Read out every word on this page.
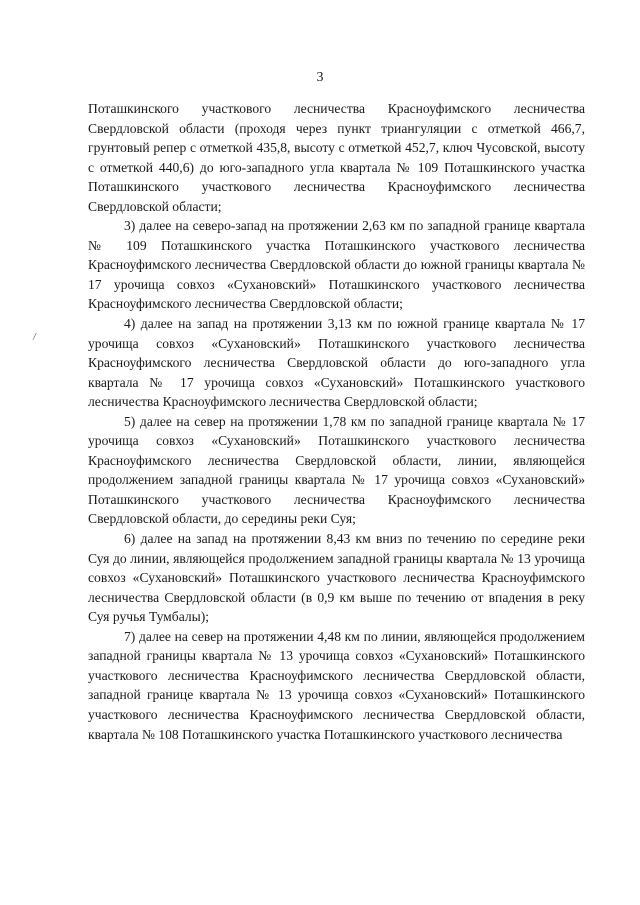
3
/

Поташкинского участкового лесничества Красноуфимского лесничества Свердловской области (проходя через пункт триангуляции с отметкой 466,7, грунтовый репер с отметкой 435,8, высоту с отметкой 452,7, ключ Чусовской, высоту с отметкой 440,6) до юго-западного угла квартала № 109 Поташкинского участка Поташкинского участкового лесничества Красноуфимского лесничества Свердловской области;

3) далее на северо-запад на протяжении 2,63 км по западной границе квартала № 109 Поташкинского участка Поташкинского участкового лесничества Красноуфимского лесничества Свердловской области до южной границы квартала № 17 урочища совхоз «Сухановский» Поташкинского участкового лесничества Красноуфимского лесничества Свердловской области;

4) далее на запад на протяжении 3,13 км по южной границе квартала № 17 урочища совхоз «Сухановский» Поташкинского участкового лесничества Красноуфимского лесничества Свердловской области до юго-западного угла квартала № 17 урочища совхоз «Сухановский» Поташкинского участкового лесничества Красноуфимского лесничества Свердловской области;

5) далее на север на протяжении 1,78 км по западной границе квартала № 17 урочища совхоз «Сухановский» Поташкинского участкового лесничества Красноуфимского лесничества Свердловской области, линии, являющейся продолжением западной границы квартала № 17 урочища совхоз «Сухановский» Поташкинского участкового лесничества Красноуфимского лесничества Свердловской области, до середины реки Суя;

6) далее на запад на протяжении 8,43 км вниз по течению по середине реки Суя до линии, являющейся продолжением западной границы квартала № 13 урочища совхоз «Сухановский» Поташкинского участкового лесничества Красноуфимского лесничества Свердловской области (в 0,9 км выше по течению от впадения в реку Суя ручья Тумбалы);

7) далее на север на протяжении 4,48 км по линии, являющейся продолжением западной границы квартала № 13 урочища совхоз «Сухановский» Поташкинского участкового лесничества Красноуфимского лесничества Свердловской области, западной границе квартала № 13 урочища совхоз «Сухановский» Поташкинского участкового лесничества Красноуфимского лесничества Свердловской области, квартала № 108 Поташкинского участка Поташкинского участкового лесничества
